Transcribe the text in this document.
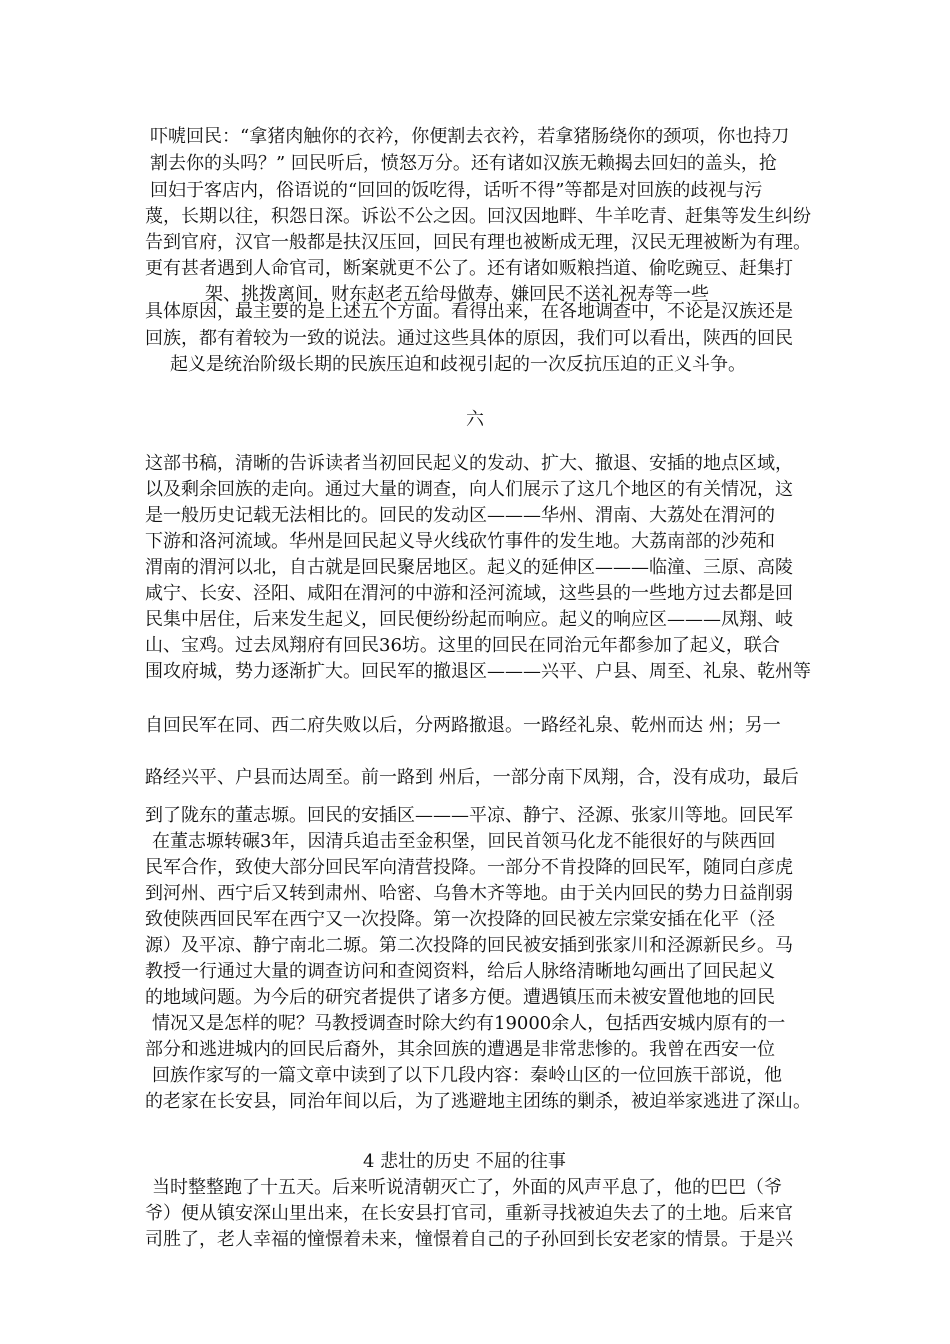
吓唬回民：“拿猪肉触你的衣衿，你便割去衣衿，若拿猪肠绕你的颈项，你也持刀
割去你的头吗？” 回民听后，愤怒万分。还有诸如汉族无赖揭去回妇的盖头，抢
回妇于客店内，俗语说的“回回的饭吃得，话听不得”等都是对回族的歧视与污
蔑，长期以往，积怨日深。诉讼不公之因。回汉因地畔、牛羊吃青、赶集等发生纠纷
告到官府，汉官一般都是扶汉压回，回民有理也被断成无理，汉民无理被断为有理。
更有甚者遇到人命官司，断案就更不公了。还有诸如贩粮挡道、偷吃豌豆、赶集打
架、挑拨离间，财东赵老五给母做寿、嫌回民不送礼祝寿等一些
具体原因，最主要的是上述五个方面。看得出来，在各地调查中，不论是汉族还是
回族，都有着较为一致的说法。通过这些具体的原因，我们可以看出，陕西的回民
起义是统治阶级长期的民族压迫和歧视引起的一次反抗压迫的正义斗争。
六
这部书稿，清晰的告诉读者当初回民起义的发动、扩大、撤退、安插的地点区域，
以及剩余回族的走向。通过大量的调查，向人们展示了这几个地区的有关情况，这
是一般历史记载无法相比的。回民的发动区———华州、渭南、大荔处在渭河的
下游和洛河流域。华州是回民起义导火线砍竹事件的发生地。大荔南部的沙苑和
渭南的渭河以北，自古就是回民聚居地区。起义的延伸区———临潼、三原、高陵
咸宁、长安、泾阳、咸阳在渭河的中游和泾河流域，这些县的一些地方过去都是回
民集中居住，后来发生起义，回民便纷纷起而响应。起义的响应区———凤翔、岐
山、宝鸡。过去凤翔府有回民36坊。这里的回民在同治元年都参加了起义，联合
围攻府城，势力逐渐扩大。回民军的撤退区———兴平、户县、周至、礼泉、乾州等
自回民军在同、西二府失败以后，分两路撤退。一路经礼泉、乾州而达 州；另一
路经兴平、户县而达周至。前一路到 州后，一部分南下凤翔，合，没有成功，最后
到了陇东的董志塬。回民的安插区———平凉、静宁、泾源、张家川等地。回民军
在董志塬转碾3年，因清兵追击至金积堡，回民首领马化龙不能很好的与陕西回
民军合作，致使大部分回民军向清营投降。一部分不肯投降的回民军，随同白彦虎
到河州、西宁后又转到肃州、哈密、乌鲁木齐等地。由于关内回民的势力日益削弱
致使陕西回民军在西宁又一次投降。第一次投降的回民被左宗棠安插在化平（泾
源）及平凉、静宁南北二塬。第二次投降的回民被安插到张家川和泾源新民乡。马
教授一行通过大量的调查访问和查阅资料，给后人脉络清晰地勾画出了回民起义
的地域问题。为今后的研究者提供了诸多方便。遭遇镇压而未被安置他地的回民
情况又是怎样的呢？马教授调查时除大约有19000余人，包括西安城内原有的一
部分和逃进城内的回民后裔外，其余回族的遭遇是非常悲惨的。我曾在西安一位
回族作家写的一篇文章中读到了以下几段内容：秦岭山区的一位回族干部说，他
的老家在长安县，同治年间以后，为了逃避地主团练的剿杀，被迫举家逃进了深山。
4 悲壮的历史 不屈的往事
当时整整跑了十五天。后来听说清朝灭亡了，外面的风声平息了，他的巴巴（爷
爷）便从镇安深山里出来，在长安县打官司，重新寻找被迫失去了的土地。后来官
司胜了，老人幸福的憧憬着未来，憧憬着自己的子孙回到长安老家的情景。于是兴
